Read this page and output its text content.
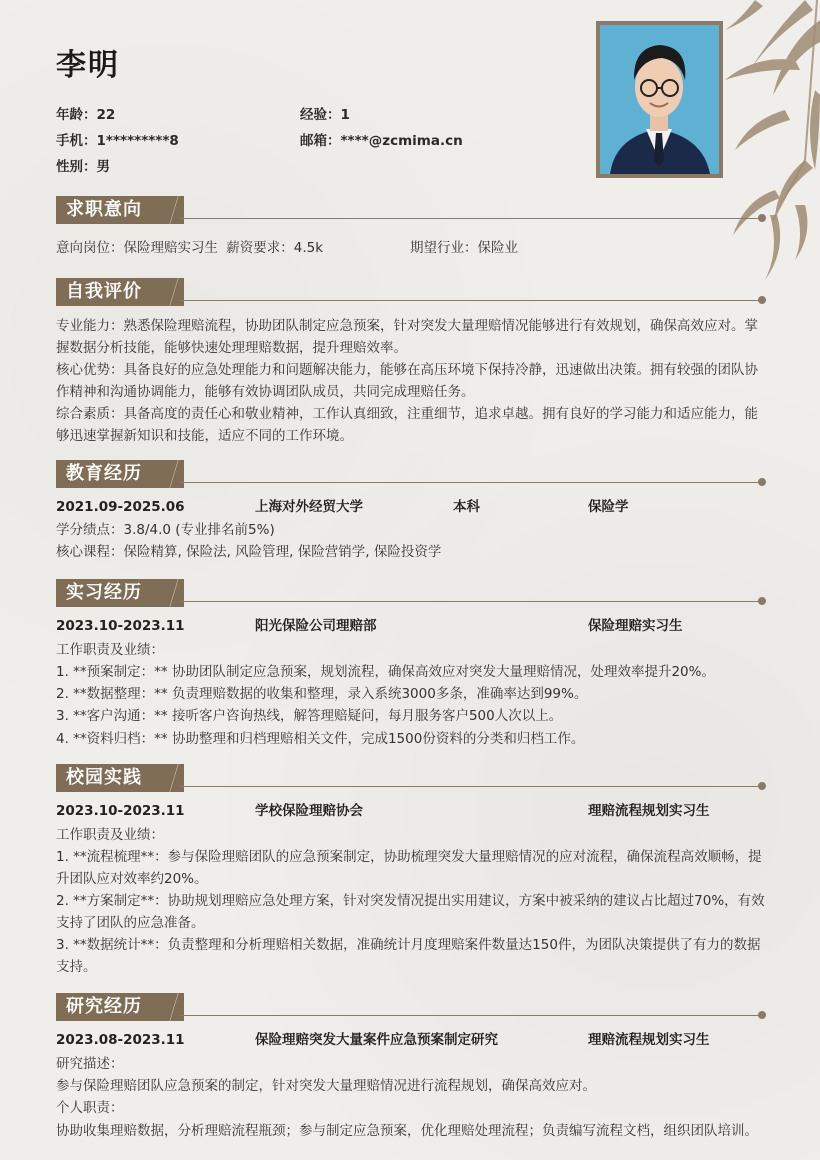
李明
年龄：22	经验：1
手机：1*********8	邮箱：****@zcmima.cn
性别：男
求职意向
意向岗位：保险理赔实习生 薪资要求：4.5k	期望行业：保险业
自我评价
专业能力：熟悉保险理赔流程，协助团队制定应急预案，针对突发大量理赔情况能够进行有效规划，确保高效应对。掌握数据分析技能，能够快速处理理赔数据，提升理赔效率。
核心优势：具备良好的应急处理能力和问题解决能力，能够在高压环境下保持冷静，迅速做出决策。拥有较强的团队协作精神和沟通协调能力，能够有效协调团队成员，共同完成理赔任务。
综合素质：具备高度的责任心和敬业精神，工作认真细致，注重细节，追求卓越。拥有良好的学习能力和适应能力，能够迅速掌握新知识和技能，适应不同的工作环境。
教育经历
2021.09-2025.06	上海对外经贸大学	本科	保险学
学分绩点：3.8/4.0 (专业排名前5%)
核心课程：保险精算, 保险法, 风险管理, 保险营销学, 保险投资学
实习经历
2023.10-2023.11	阳光保险公司理赔部	保险理赔实习生
工作职责及业绩：
1. **预案制定：** 协助团队制定应急预案，规划流程，确保高效应对突发大量理赔情况，处理效率提升20%。
2. **数据整理：** 负责理赔数据的收集和整理，录入系统3000多条，准确率达到99%。
3. **客户沟通：** 接听客户咨询热线，解答理赔疑问，每月服务客户500人次以上。
4. **资料归档：** 协助整理和归档理赔相关文件，完成1500份资料的分类和归档工作。
校园实践
2023.10-2023.11	学校保险理赔协会	理赔流程规划实习生
工作职责及业绩：
1. **流程梳理**：参与保险理赔团队的应急预案制定，协助梳理突发大量理赔情况的应对流程，确保流程高效顺畅，提升团队应对效率约20%。
2. **方案制定**：协助规划理赔应急处理方案，针对突发情况提出实用建议，方案中被采纳的建议占比超过70%，有效支持了团队的应急准备。
3. **数据统计**：负责整理和分析理赔相关数据，准确统计月度理赔案件数量达150件，为团队决策提供了有力的数据支持。
研究经历
2023.08-2023.11	保险理赔突发大量案件应急预案制定研究	理赔流程规划实习生
研究描述：
参与保险理赔团队应急预案的制定，针对突发大量理赔情况进行流程规划，确保高效应对。
个人职责：
协助收集理赔数据，分析理赔流程瓶颈；参与制定应急预案，优化理赔处理流程；负责编写流程文档，组织团队培训。
